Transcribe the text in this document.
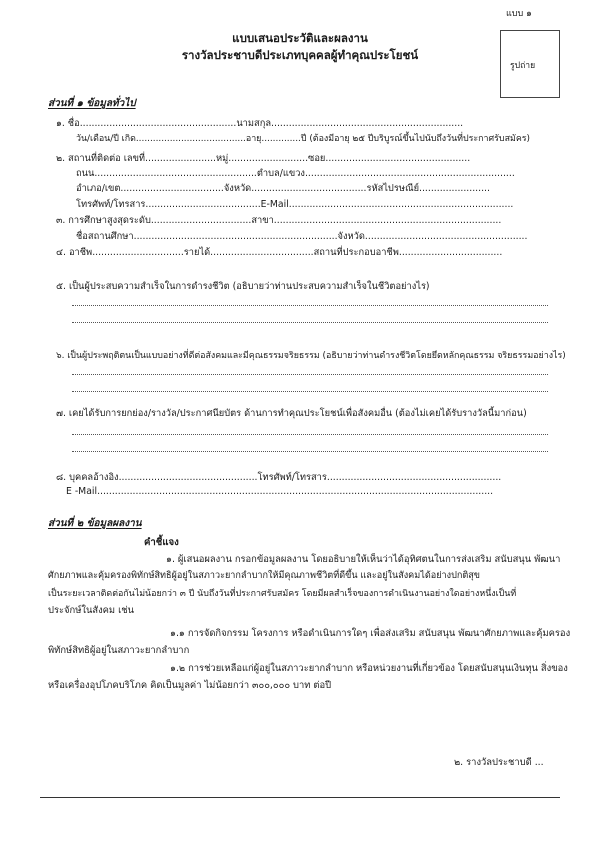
แบบ ๑
รูปถ่าย
แบบเสนอประวัติและผลงาน
รางวัลประชาบดีประเภทบุคคลผู้ทำคุณประโยชน์
ส่วนที่ ๑ ข้อมูลทั่วไป
๑. ชื่อ.....................................................นามสกุล.................................................................
วัน/เดือน/ปี เกิด.......................................อายุ..............ปี (ต้องมีอายุ ๒๕ ปีบริบูรณ์ขึ้นไปนับถึงวันที่ประกาศรับสมัคร)
๒. สถานที่ติดต่อ เลขที่........................หมู่...........................ซอย.................................................
ถนน.......................................................ตำบล/แขวง.......................................................................
อำเภอ/เขต...................................จังหวัด.......................................รหัสไปรษณีย์........................
โทรศัพท์/โทรสาร.......................................E-Mail............................................................................
๓. การศึกษาสูงสุดระดับ..................................สาขา.............................................................................
ชื่อสถานศึกษา.....................................................................จังหวัด.......................................................
๔. อาชีพ...............................รายได้...................................สถานที่ประกอบอาชีพ...................................
๕. เป็นผู้ประสบความสำเร็จในการดำรงชีวิต (อธิบายว่าท่านประสบความสำเร็จในชีวิตอย่างไร)
๖. เป็นผู้ประพฤติตนเป็นแบบอย่างที่ดีต่อสังคมและมีคุณธรรมจริยธรรม (อธิบายว่าท่านดำรงชีวิตโดยยึดหลักคุณธรรม จริยธรรมอย่างไร)
๗. เคยได้รับการยกย่อง/รางวัล/ประกาศนียบัตร ด้านการทำคุณประโยชน์เพื่อสังคมอื่น (ต้องไม่เคยได้รับรางวัลนี้มาก่อน)
๘. บุคคลอ้างอิง...............................................โทรศัพท์/โทรสาร...........................................................
E -Mail......................................................................................................................................
ส่วนที่ ๒ ข้อมูลผลงาน
คำชี้แจง
๑. ผู้เสนอผลงาน กรอกข้อมูลผลงาน โดยอธิบายให้เห็นว่าได้อุทิศตนในการส่งเสริม สนับสนุน พัฒนา
ศักยภาพและคุ้มครองพิทักษ์สิทธิผู้อยู่ในสภาวะยากลำบากให้มีคุณภาพชีวิตที่ดีขึ้น และอยู่ในสังคมได้อย่างปกติสุข
เป็นระยะเวลาติดต่อกันไม่น้อยกว่า ๓ ปี นับถึงวันที่ประกาศรับสมัคร โดยมีผลสำเร็จของการดำเนินงานอย่างใดอย่างหนึ่งเป็นที่
ประจักษ์ในสังคม เช่น
๑.๑ การจัดกิจกรรม โครงการ หรือดำเนินการใดๆ เพื่อส่งเสริม สนับสนุน พัฒนาศักยภาพและคุ้มครอง
พิทักษ์สิทธิผู้อยู่ในสภาวะยากลำบาก
๑.๒ การช่วยเหลือแก่ผู้อยู่ในสภาวะยากลำบาก หรือหน่วยงานที่เกี่ยวข้อง โดยสนับสนุนเงินทุน สิ่งของ
หรือเครื่องอุปโภคบริโภค คิดเป็นมูลค่า ไม่น้อยกว่า ๓๐๐,๐๐๐ บาท ต่อปี
๒. รางวัลประชาบดี ...
